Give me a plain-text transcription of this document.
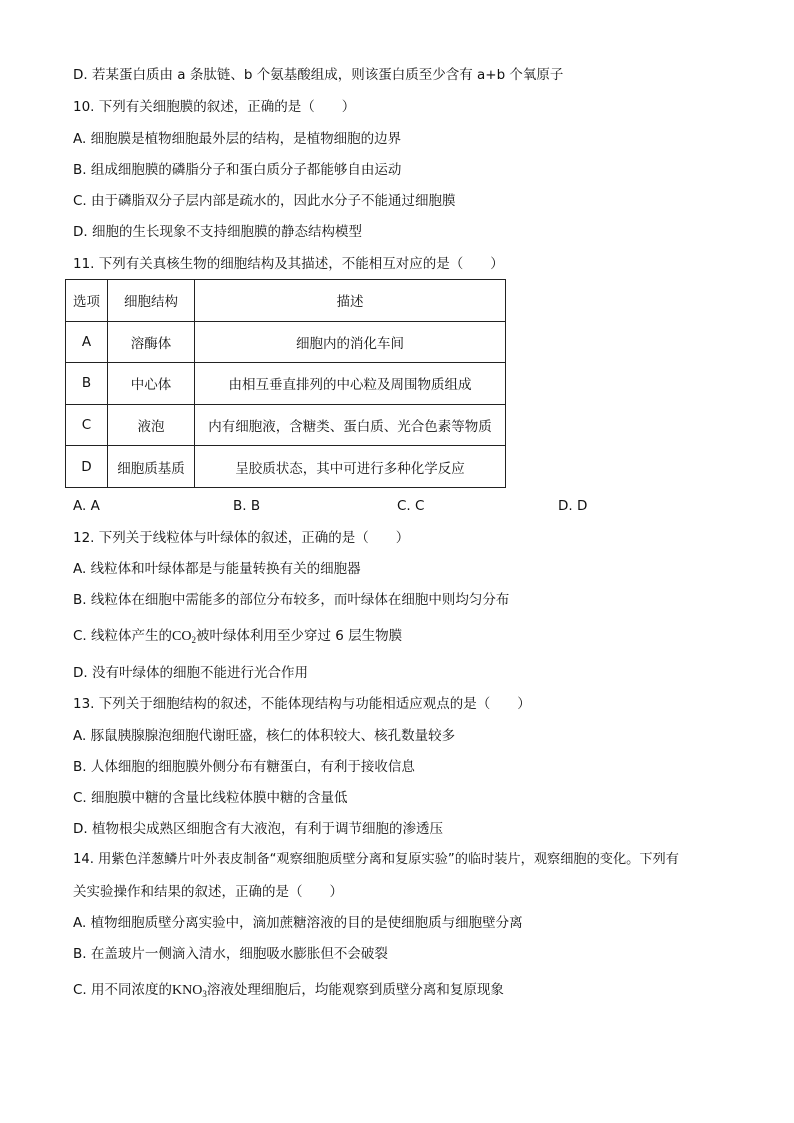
D. 若某蛋白质由 a 条肽链、b 个氨基酸组成，则该蛋白质至少含有 a+b 个氧原子
10. 下列有关细胞膜的叙述，正确的是（　　）
A. 细胞膜是植物细胞最外层的结构，是植物细胞的边界
B. 组成细胞膜的磷脂分子和蛋白质分子都能够自由运动
C. 由于磷脂双分子层内部是疏水的，因此水分子不能通过细胞膜
D. 细胞的生长现象不支持细胞膜的静态结构模型
11. 下列有关真核生物的细胞结构及其描述，不能相互对应的是（　　）
选项	细胞结构	描述
A	溶酶体	细胞内的消化车间
B	中心体	由相互垂直排列的中心粒及周围物质组成
C	液泡	内有细胞液，含糖类、蛋白质、光合色素等物质
D	细胞质基质	呈胶质状态，其中可进行多种化学反应
A. A	B. B	C. C	D. D
12. 下列关于线粒体与叶绿体的叙述，正确的是（　　）
A. 线粒体和叶绿体都是与能量转换有关的细胞器
B. 线粒体在细胞中需能多的部位分布较多，而叶绿体在细胞中则均匀分布
C. 线粒体产生的$CO_2$被叶绿体利用至少穿过 6 层生物膜
D. 没有叶绿体的细胞不能进行光合作用
13. 下列关于细胞结构的叙述，不能体现结构与功能相适应观点的是（　　）
A. 豚鼠胰腺腺泡细胞代谢旺盛，核仁的体积较大、核孔数量较多
B. 人体细胞的细胞膜外侧分布有糖蛋白，有利于接收信息
C. 细胞膜中糖的含量比线粒体膜中糖的含量低
D. 植物根尖成熟区细胞含有大液泡，有利于调节细胞的渗透压
14. 用紫色洋葱鳞片叶外表皮制备“观察细胞质壁分离和复原实验”的临时装片，观察细胞的变化。下列有
关实验操作和结果的叙述，正确的是（　　）
A. 植物细胞质壁分离实验中，滴加蔗糖溶液的目的是使细胞质与细胞壁分离
B. 在盖玻片一侧滴入清水，细胞吸水膨胀但不会破裂
C. 用不同浓度的$KNO_3$溶液处理细胞后，均能观察到质壁分离和复原现象
